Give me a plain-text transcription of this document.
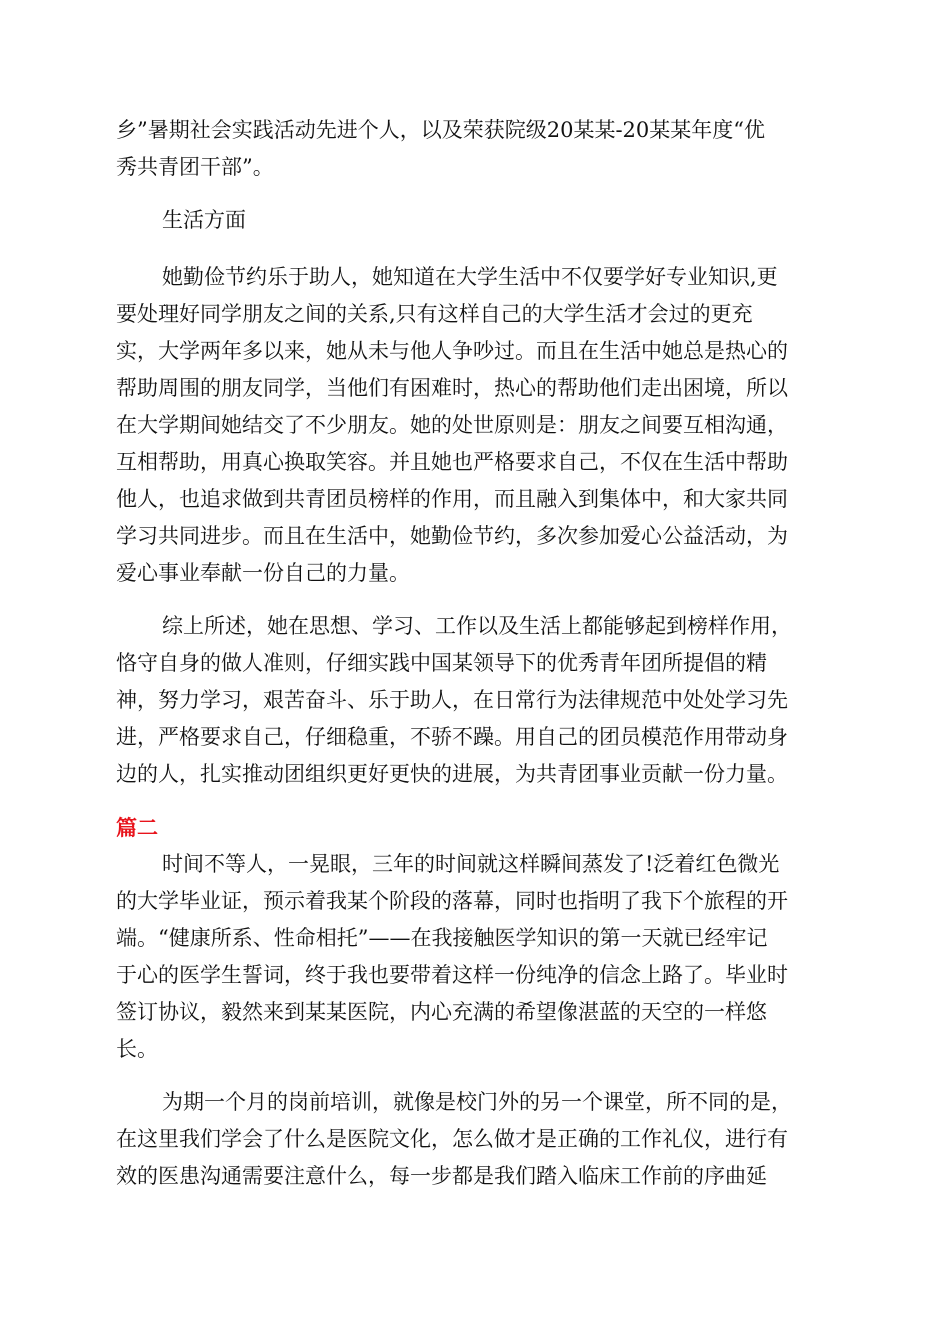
乡”暑期社会实践活动先进个人，以及荣获院级20某某-20某某年度“优
秀共青团干部”。
生活方面
她勤俭节约乐于助人，她知道在大学生活中不仅要学好专业知识,更
要处理好同学朋友之间的关系,只有这样自己的大学生活才会过的更充
实，大学两年多以来，她从未与他人争吵过。而且在生活中她总是热心的
帮助周围的朋友同学，当他们有困难时，热心的帮助他们走出困境，所以
在大学期间她结交了不少朋友。她的处世原则是：朋友之间要互相沟通，
互相帮助，用真心换取笑容。并且她也严格要求自己，不仅在生活中帮助
他人，也追求做到共青团员榜样的作用，而且融入到集体中，和大家共同
学习共同进步。而且在生活中，她勤俭节约，多次参加爱心公益活动，为
爱心事业奉献一份自己的力量。
综上所述，她在思想、学习、工作以及生活上都能够起到榜样作用，
恪守自身的做人准则，仔细实践中国某领导下的优秀青年团所提倡的精
神，努力学习，艰苦奋斗、乐于助人，在日常行为法律规范中处处学习先
进，严格要求自己，仔细稳重，不骄不躁。用自己的团员模范作用带动身
边的人，扎实推动团组织更好更快的进展，为共青团事业贡献一份力量。
篇二
时间不等人，一晃眼，三年的时间就这样瞬间蒸发了!泛着红色微光
的大学毕业证，预示着我某个阶段的落幕，同时也指明了我下个旅程的开
端。“健康所系、性命相托”——在我接触医学知识的第一天就已经牢记
于心的医学生誓词，终于我也要带着这样一份纯净的信念上路了。毕业时
签订协议，毅然来到某某医院，内心充满的希望像湛蓝的天空的一样悠
长。
为期一个月的岗前培训，就像是校门外的另一个课堂，所不同的是，
在这里我们学会了什么是医院文化，怎么做才是正确的工作礼仪，进行有
效的医患沟通需要注意什么，每一步都是我们踏入临床工作前的序曲延
